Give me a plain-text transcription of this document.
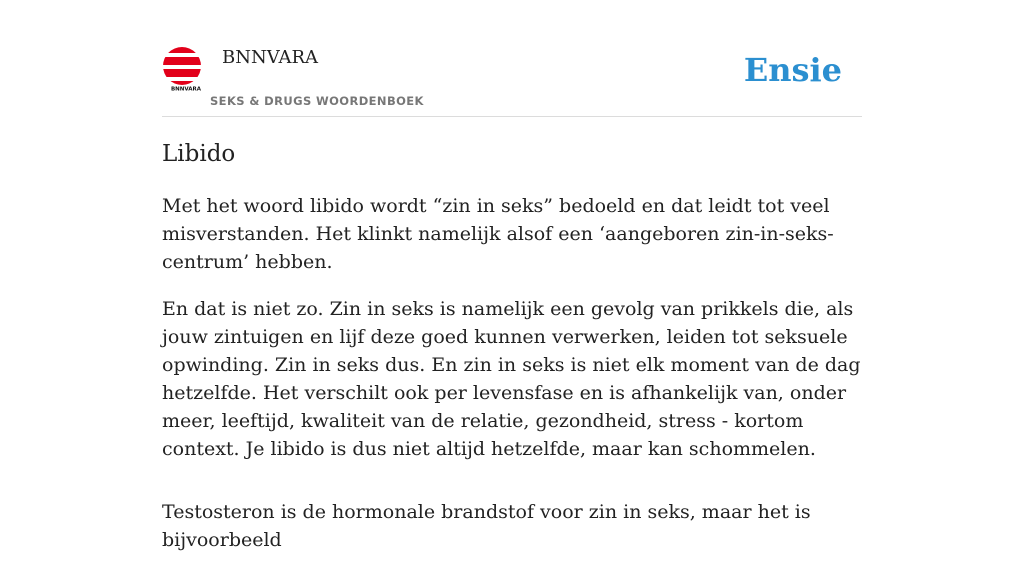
BNNVARA
BNNVARA
SEKS & DRUGS WOORDENBOEK
Ensie
Libido

Met het woord libido wordt “zin in seks” bedoeld en dat leidt tot veel misverstanden. Het klinkt namelijk alsof een ‘aangeboren zin-in-seks-centrum’ hebben.

En dat is niet zo. Zin in seks is namelijk een gevolg van prikkels die, als jouw zintuigen en lijf deze goed kunnen verwerken, leiden tot seksuele opwinding. Zin in seks dus. En zin in seks is niet elk moment van de dag hetzelfde. Het verschilt ook per levensfase en is afhankelijk van, onder meer, leeftijd, kwaliteit van de relatie, gezondheid, stress - kortom context. Je libido is dus niet altijd hetzelfde, maar kan schommelen.

Testosteron is de hormonale brandstof voor zin in seks, maar het is bijvoorbeeld
